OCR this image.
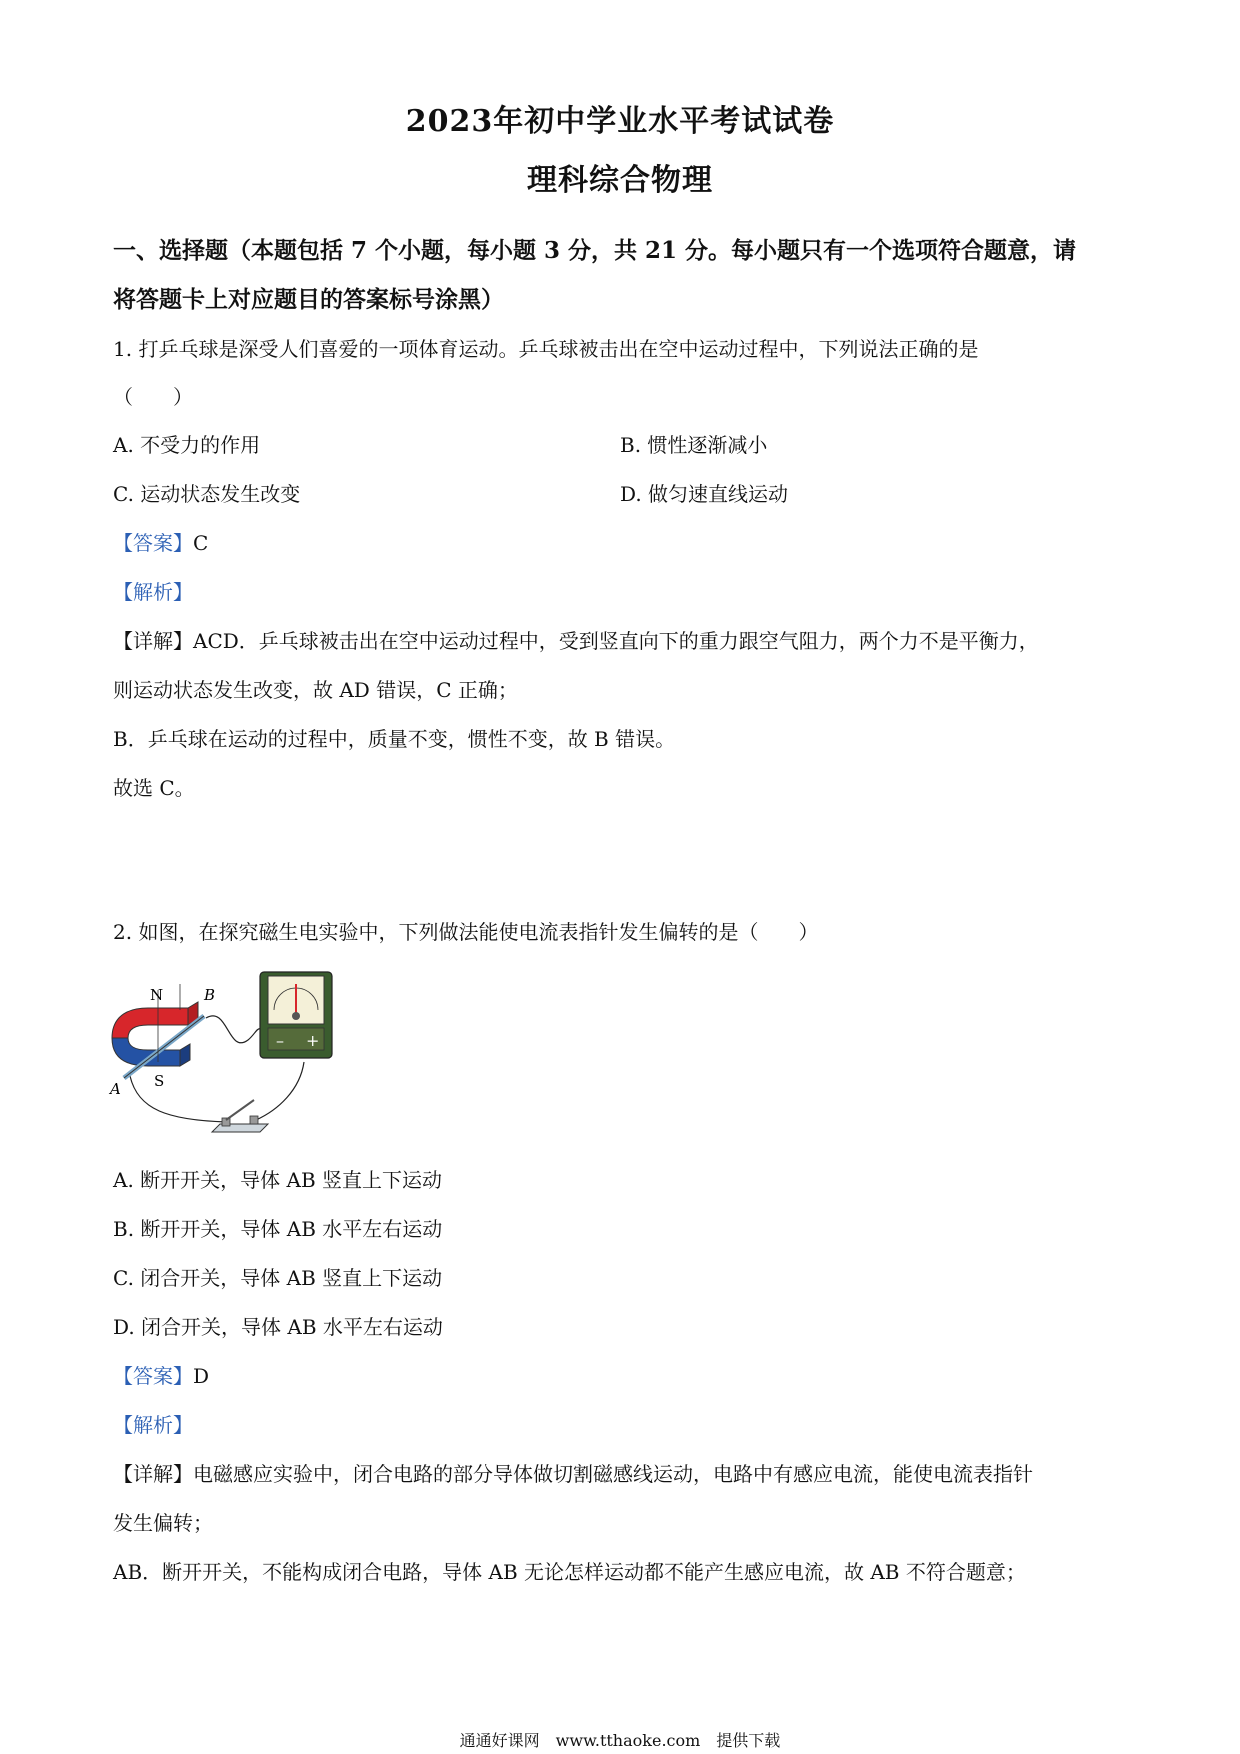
2023年初中学业水平考试试卷
理科综合物理
一、选择题（本题包括 7 个小题，每小题 3 分，共 21 分。每小题只有一个选项符合题意，请
将答题卡上对应题目的答案标号涂黑）
1. 打乒乓球是深受人们喜爱的一项体育运动。乒乓球被击出在空中运动过程中，下列说法正确的是
（　　）
A. 不受力的作用	B. 惯性逐渐减小
C. 运动状态发生改变	D. 做匀速直线运动
【答案】C
【解析】
【详解】ACD．乒乓球被击出在空中运动过程中，受到竖直向下的重力跟空气阻力，两个力不是平衡力，
则运动状态发生改变，故 AD 错误，C 正确；
B．乒乓球在运动的过程中，质量不变，惯性不变，故 B 错误。
故选 C。
2. 如图，在探究磁生电实验中，下列做法能使电流表指针发生偏转的是（　　）
N	B
S
A
– +
A. 断开开关，导体 AB 竖直上下运动
B. 断开开关，导体 AB 水平左右运动
C. 闭合开关，导体 AB 竖直上下运动
D. 闭合开关，导体 AB 水平左右运动
【答案】D
【解析】
【详解】电磁感应实验中，闭合电路的部分导体做切割磁感线运动，电路中有感应电流，能使电流表指针
发生偏转；
AB．断开开关，不能构成闭合电路，导体 AB 无论怎样运动都不能产生感应电流，故 AB 不符合题意；
通通好课网　www.tthaoke.com　提供下载
